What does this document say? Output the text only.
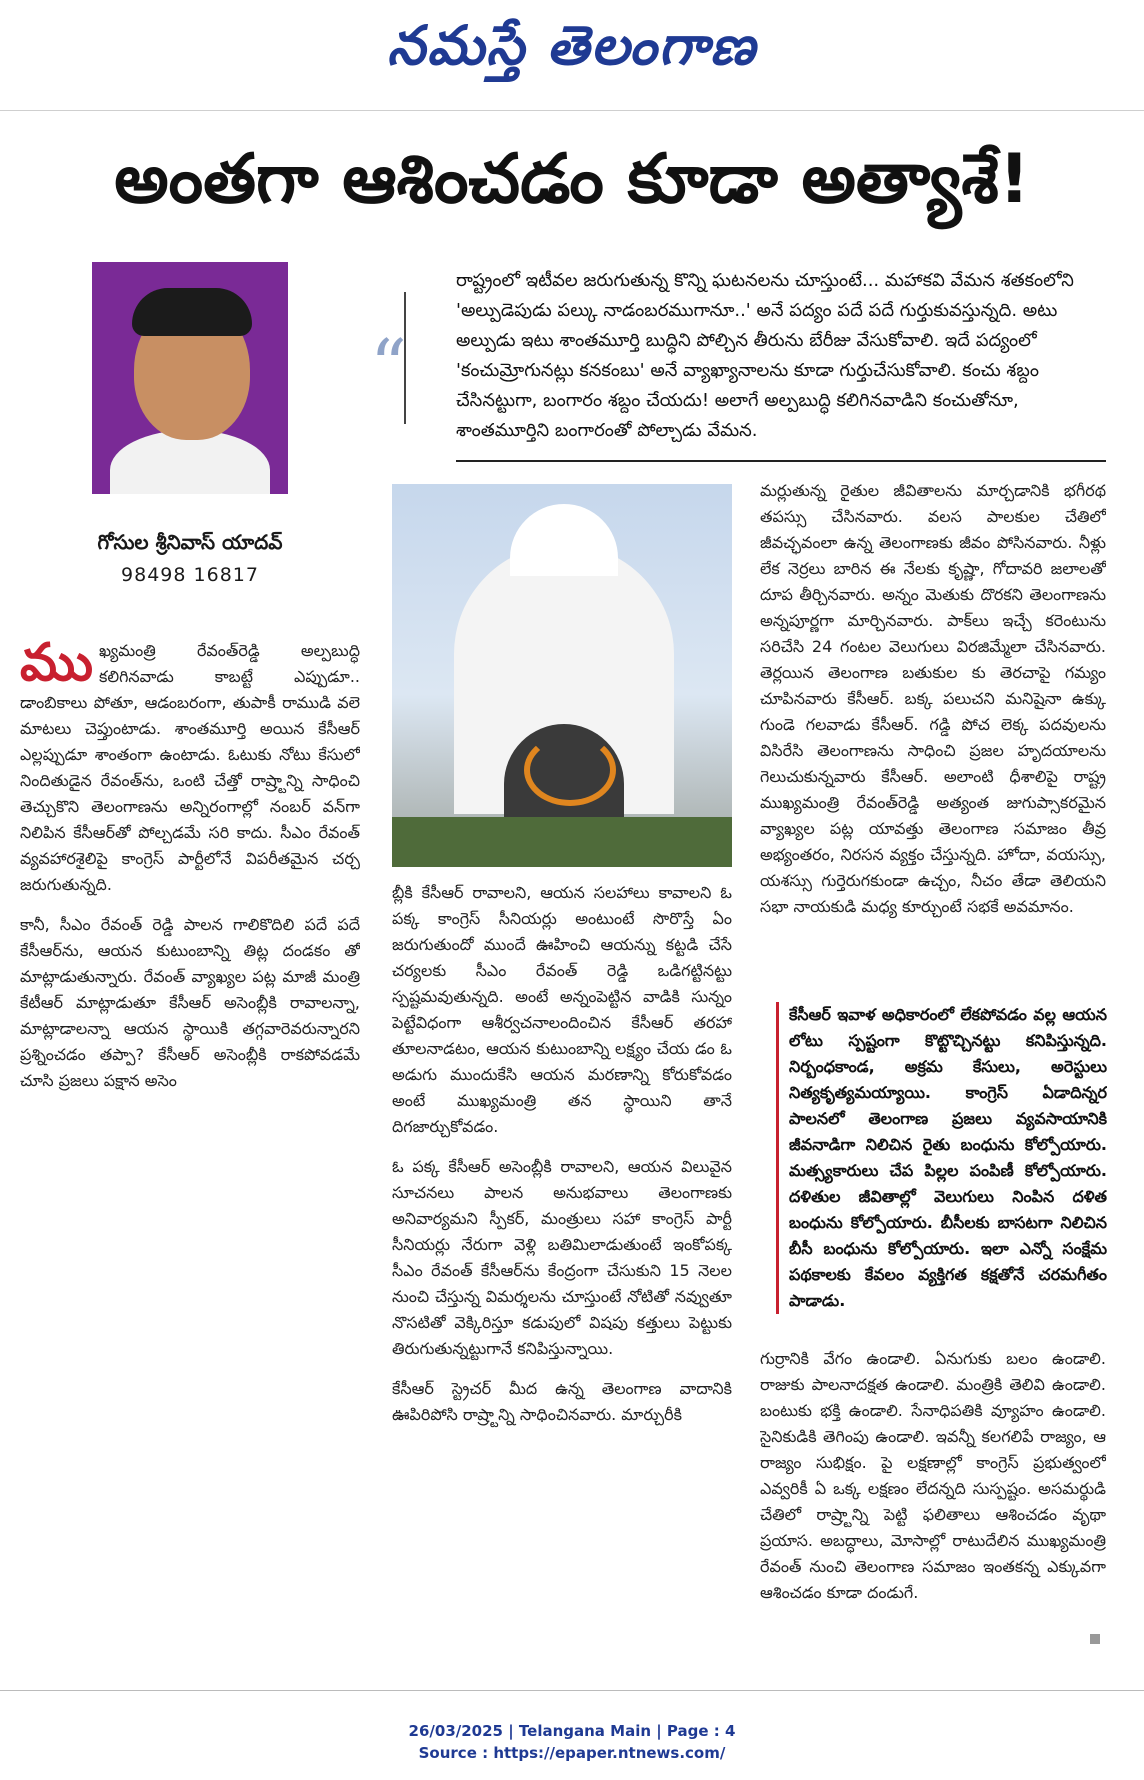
నమస్తే తెలంగాణ
అంతగా ఆశించడం కూడా అత్యాశే!
గోసుల శ్రీనివాస్ యాదవ్
98498 16817
“
రాష్ట్రంలో ఇటీవల జరుగుతున్న కొన్ని ఘటనలను చూస్తుంటే... మహాకవి వేమన శతకంలోని 'అల్పుడెపుడు పల్కు నాడంబరముగానూ..' అనే పద్యం పదే పదే గుర్తుకువస్తున్నది. అటు అల్పుడు ఇటు శాంతమూర్తి బుద్ధిని పోల్చిన తీరును బేరీజు వేసుకోవాలి. ఇదే పద్యంలో 'కంచుమ్రోగునట్లు కనకంబు' అనే వ్యాఖ్యానాలను కూడా గుర్తుచేసుకోవాలి. కంచు శబ్దం చేసినట్టుగా, బంగారం శబ్దం చేయదు! అలాగే అల్పబుద్ధి కలిగినవాడిని కంచుతోనూ, శాంతమూర్తిని బంగారంతో పోల్చాడు వేమన.

ముఖ్యమంత్రి రేవంత్‌రెడ్డి అల్పబుద్ధి కలిగినవాడు కాబట్టే ఎప్పుడూ.. డాంబికాలు పోతూ, ఆడంబరంగా, తుపాకీ రాముడి వలె మాటలు చెప్తుంటాడు. శాంతమూర్తి అయిన కేసీఆర్ ఎల్లప్పుడూ శాంతంగా ఉంటాడు. ఓటుకు నోటు కేసులో నిందితుడైన రేవంత్‌ను, ఒంటి చేత్తో రాష్ర్టాన్ని సాధించి తెచ్చుకొని తెలంగాణను అన్నిరంగాల్లో నంబర్ వన్‌గా నిలిపిన కేసీఆర్‌తో పోల్చడమే సరి కాదు. సీఎం రేవంత్ వ్యవహారశైలిపై కాంగ్రెస్ పార్టీలోనే విపరీతమైన చర్చ జరుగుతున్నది.

కానీ, సీఎం రేవంత్ రెడ్డి పాలన గాలికొదిలి పదే పదే కేసీఆర్‌ను, ఆయన కుటుంబాన్ని తిట్ల దండకం తో మాట్లాడుతున్నారు. రేవంత్ వ్యాఖ్యల పట్ల మాజీ మంత్రి కేటీఆర్ మాట్లాడుతూ కేసీఆర్ అసెంబ్లీకి రావాలన్నా, మాట్లాడాలన్నా ఆయన స్థాయికి తగ్గవారెవరున్నారని ప్రశ్నించడం తప్పా? కేసీఆర్ అసెంబ్లీకి రాకపోవడమే చూసి ప్రజలు పక్షాన అసెం

బ్లీకి కేసీఆర్ రావాలని, ఆయన సలహాలు కావాలని ఓ పక్క కాంగ్రెస్ సీనియర్లు అంటుంటే సొరొస్తే ఏం జరుగుతుందో ముందే ఊహించి ఆయన్ను కట్టడి చేసే చర్యలకు సీఎం రేవంత్ రెడ్డి ఒడిగట్టినట్టు స్పష్టమవుతున్నది. అంటే అన్నంపెట్టిన వాడికి సున్నం పెట్టేవిధంగా ఆశీర్వచనాలందించిన కేసీఆర్ తరహా తూలనాడటం, ఆయన కుటుంబాన్ని లక్ష్యం చేయ డం ఓ అడుగు ముందుకేసి ఆయన మరణాన్ని కోరుకోవడం అంటే ముఖ్యమంత్రి తన స్థాయిని తానే దిగజార్చుకోవడం.

ఓ పక్క కేసీఆర్ అసెంబ్లీకి రావాలని, ఆయన విలువైన సూచనలు పాలన అనుభవాలు తెలంగాణకు అనివార్యమని స్పీకర్, మంత్రులు సహా కాంగ్రెస్ పార్టీ సీనియర్లు నేరుగా వెళ్లి బతిమిలాడుతుంటే ఇంకోపక్క సీఎం రేవంత్ కేసీఆర్‌ను కేంద్రంగా చేసుకుని 15 నెలల నుంచి చేస్తున్న విమర్శలను చూస్తుంటే నోటితో నవ్వుతూ నొసటితో వెక్కిరిస్తూ కడుపులో విషపు కత్తులు పెట్టుకు తిరుగుతున్నట్టుగానే కనిపిస్తున్నాయి.

కేసీఆర్ స్ట్రెచర్ మీద ఉన్న తెలంగాణ వాదానికి ఊపిరిపోసి రాష్ర్టాన్ని సాధించినవారు. మార్చురీకి

మర్లుతున్న రైతుల జీవితాలను మార్చడానికి భగీరథ తపస్సు చేసినవారు. వలస పాలకుల చేతిలో జీవచ్ఛవంలా ఉన్న తెలంగాణకు జీవం పోసినవారు. నీళ్లు లేక నెర్రలు బారిన ఈ నేలకు కృష్ణా, గోదావరి జలాలతో దూప తీర్చినవారు. అన్నం మెతుకు దొరకని తెలంగాణను అన్నపూర్ణగా మార్చినవారు. పాక్‌లు ఇచ్చే కరెంటును సరిచేసి 24 గంటల వెలుగులు విరజిమ్మేలా చేసినవారు. తెర్లయిన తెలంగాణ బతుకుల కు తెరచాపై గమ్యం చూపినవారు కేసీఆర్. బక్క పలుచని మనిషైనా ఉక్కు గుండె గలవాడు కేసీఆర్. గడ్డి పోచ లెక్క పదవులను విసిరేసి తెలంగాణను సాధించి ప్రజల హృదయాలను గెలుచుకున్నవారు కేసీఆర్. అలాంటి ధీశాలిపై రాష్ట్ర ముఖ్యమంత్రి రేవంత్‌రెడ్డి అత్యంత జుగుప్సాకరమైన వ్యాఖ్యల పట్ల యావత్తు తెలంగాణ సమాజం తీవ్ర అభ్యంతరం, నిరసన వ్యక్తం చేస్తున్నది. హోదా, వయస్సు, యశస్సు గుర్తెరుగకుండా ఉచ్చం, నీచం తేడా తెలియని సభా నాయకుడి మధ్య కూర్చుంటే సభకే అవమానం.

కేసీఆర్ ఇవాళ అధికారంలో లేకపోవడం వల్ల ఆయన లోటు స్పష్టంగా కొట్టొచ్చినట్టు కనిపిస్తున్నది. నిర్బంధకాండ, అక్రమ కేసులు, అరెస్టులు నిత్యకృత్యమయ్యాయి. కాంగ్రెస్ ఏడాదిన్నర పాలనలో తెలంగాణ ప్రజలు వ్యవసాయానికి జీవనాడిగా నిలిచిన రైతు బంధును కోల్పోయారు. మత్స్యకారులు చేప పిల్లల పంపిణీ కోల్పోయారు. దళితుల జీవితాల్లో వెలుగులు నింపిన దళిత బంధును కోల్పోయారు. బీసీలకు బాసటగా నిలిచిన బీసీ బంధును కోల్పోయారు. ఇలా ఎన్నో సంక్షేమ పథకాలకు కేవలం వ్యక్తిగత కక్షతోనే చరమగీతం పాడాడు.

గుర్రానికి వేగం ఉండాలి. ఏనుగుకు బలం ఉండాలి. రాజుకు పాలనాదక్షత ఉండాలి. మంత్రికి తెలివి ఉండాలి. బంటుకు భక్తి ఉండాలి. సేనాధిపతికి వ్యూహం ఉండాలి. సైనికుడికి తెగింపు ఉండాలి. ఇవన్నీ కలగలిపే రాజ్యం, ఆ రాజ్యం సుభిక్షం. పై లక్షణాల్లో కాంగ్రెస్ ప్రభుత్వంలో ఎవ్వరికీ ఏ ఒక్క లక్షణం లేదన్నది సుస్పష్టం. అసమర్థుడి చేతిలో రాష్ర్టాన్ని పెట్టి ఫలితాలు ఆశించడం వృథా ప్రయాస. అబద్ధాలు, మోసాల్లో రాటుదేలిన ముఖ్యమంత్రి రేవంత్ నుంచి తెలంగాణ సమాజం ఇంతకన్న ఎక్కువగా ఆశించడం కూడా దండుగే.

26/03/2025 | Telangana Main | Page : 4
Source : https://epaper.ntnews.com/
